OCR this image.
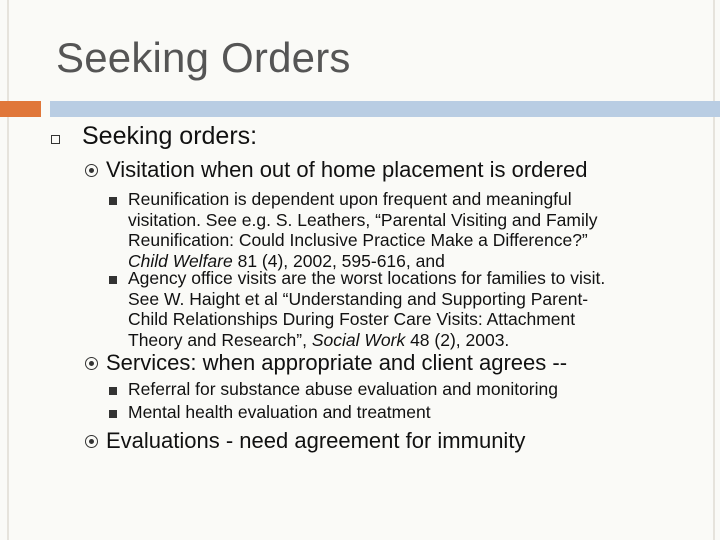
Seeking Orders
Seeking orders:
Visitation when out of home placement is ordered
Reunification is dependent upon frequent and meaningful
visitation. See e.g. S. Leathers, “Parental Visiting and Family
Reunification: Could Inclusive Practice Make a Difference?”
Child Welfare 81 (4), 2002, 595-616, and
Agency office visits are the worst locations for families to visit.
See W. Haight et al “Understanding and Supporting Parent-
Child Relationships During Foster Care Visits: Attachment
Theory and Research”, Social Work 48 (2), 2003.
Services: when appropriate and client agrees --
Referral for substance abuse evaluation and monitoring
Mental health evaluation and treatment
Evaluations - need agreement for immunity
